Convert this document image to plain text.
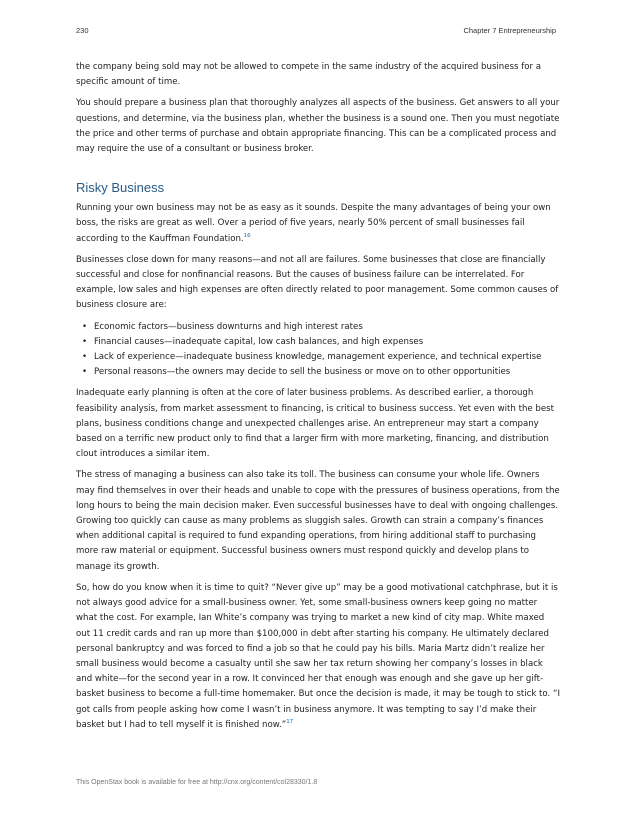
230	Chapter 7 Entrepreneurship

the company being sold may not be allowed to compete in the same industry of the acquired business for a specific amount of time.

You should prepare a business plan that thoroughly analyzes all aspects of the business. Get answers to all your questions, and determine, via the business plan, whether the business is a sound one. Then you must negotiate the price and other terms of purchase and obtain appropriate financing. This can be a complicated process and may require the use of a consultant or business broker.

Risky Business

Running your own business may not be as easy as it sounds. Despite the many advantages of being your own boss, the risks are great as well. Over a period of five years, nearly 50% percent of small businesses fail according to the Kauffman Foundation.$^{16}$

Businesses close down for many reasons—and not all are failures. Some businesses that close are financially successful and close for nonfinancial reasons. But the causes of business failure can be interrelated. For example, low sales and high expenses are often directly related to poor management. Some common causes of business closure are:

• Economic factors—business downturns and high interest rates
• Financial causes—inadequate capital, low cash balances, and high expenses
• Lack of experience—inadequate business knowledge, management experience, and technical expertise
• Personal reasons—the owners may decide to sell the business or move on to other opportunities

Inadequate early planning is often at the core of later business problems. As described earlier, a thorough feasibility analysis, from market assessment to financing, is critical to business success. Yet even with the best plans, business conditions change and unexpected challenges arise. An entrepreneur may start a company based on a terrific new product only to find that a larger firm with more marketing, financing, and distribution clout introduces a similar item.

The stress of managing a business can also take its toll. The business can consume your whole life. Owners may find themselves in over their heads and unable to cope with the pressures of business operations, from the long hours to being the main decision maker. Even successful businesses have to deal with ongoing challenges. Growing too quickly can cause as many problems as sluggish sales. Growth can strain a company’s finances when additional capital is required to fund expanding operations, from hiring additional staff to purchasing more raw material or equipment. Successful business owners must respond quickly and develop plans to manage its growth.

So, how do you know when it is time to quit? “Never give up” may be a good motivational catchphrase, but it is not always good advice for a small-business owner. Yet, some small-business owners keep going no matter what the cost. For example, Ian White’s company was trying to market a new kind of city map. White maxed out 11 credit cards and ran up more than $100,000 in debt after starting his company. He ultimately declared personal bankruptcy and was forced to find a job so that he could pay his bills. Maria Martz didn’t realize her small business would become a casualty until she saw her tax return showing her company’s losses in black and white—for the second year in a row. It convinced her that enough was enough and she gave up her gift-basket business to become a full-time homemaker. But once the decision is made, it may be tough to stick to. “I got calls from people asking how come I wasn’t in business anymore. It was tempting to say I’d make their basket but I had to tell myself it is finished now.”$^{17}$

This OpenStax book is available for free at http://cnx.org/content/col28330/1.8
